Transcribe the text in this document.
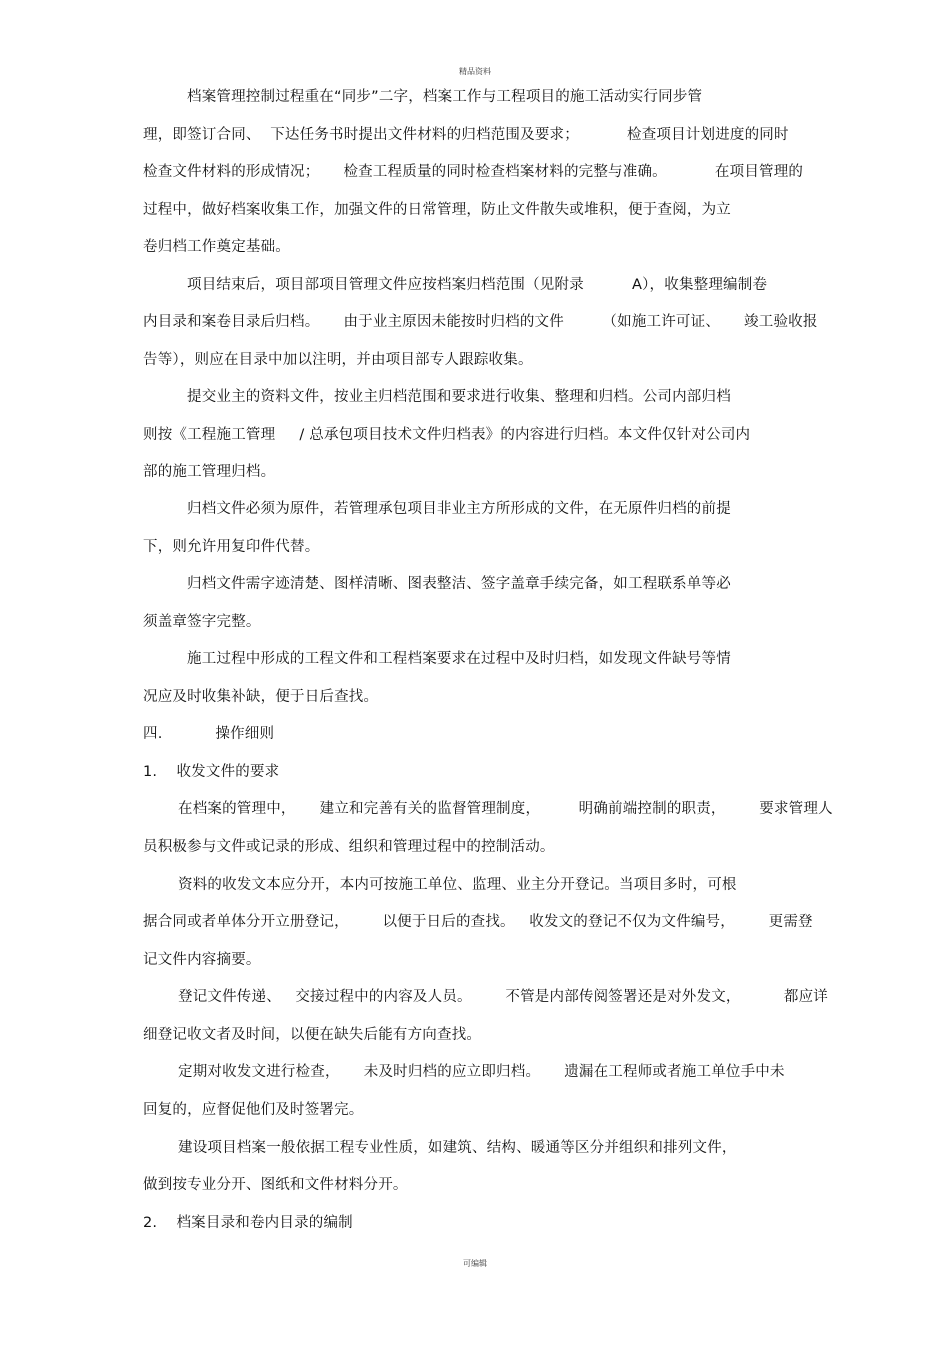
精品资料
档案管理控制过程重在“同步”二字，档案工作与工程项目的施工活动实行同步管
理，即签订合同、  下达任务书时提出文件材料的归档范围及要求；          检查项目计划进度的同时
检查文件材料的形成情况；     检查工程质量的同时检查档案材料的完整与准确。          在项目管理的
过程中，做好档案收集工作，加强文件的日常管理，防止文件散失或堆积，便于查阅，为立
卷归档工作奠定基础。
项目结束后，项目部项目管理文件应按档案归档范围（见附录          A），收集整理编制卷
内目录和案卷目录后归档。     由于业主原因未能按时归档的文件        （如施工许可证、     竣工验收报
告等），则应在目录中加以注明，并由项目部专人跟踪收集。
提交业主的资料文件，按业主归档范围和要求进行收集、整理和归档。公司内部归档
则按《工程施工管理     / 总承包项目技术文件归档表》的内容进行归档。本文件仅针对公司内
部的施工管理归档。
归档文件必须为原件，若管理承包项目非业主方所形成的文件，在无原件归档的前提
下，则允许用复印件代替。
归档文件需字迹清楚、图样清晰、图表整洁、签字盖章手续完备，如工程联系单等必
须盖章签字完整。
施工过程中形成的工程文件和工程档案要求在过程中及时归档，如发现文件缺号等情
况应及时收集补缺，便于日后查找。
四.           操作细则
1.    收发文件的要求
在档案的管理中，     建立和完善有关的监督管理制度，        明确前端控制的职责，       要求管理人
员积极参与文件或记录的形成、组织和管理过程中的控制活动。
资料的收发文本应分开，本内可按施工单位、监理、业主分开登记。当项目多时，可根
据合同或者单体分开立册登记，       以便于日后的查找。   收发文的登记不仅为文件编号，       更需登
记文件内容摘要。
登记文件传递、   交接过程中的内容及人员。       不管是内部传阅签署还是对外发文，         都应详
细登记收文者及时间，以便在缺失后能有方向查找。
定期对收发文进行检查，     未及时归档的应立即归档。     遗漏在工程师或者施工单位手中未
回复的，应督促他们及时签署完。
建设项目档案一般依据工程专业性质，如建筑、结构、暖通等区分并组织和排列文件，
做到按专业分开、图纸和文件材料分开。
2.    档案目录和卷内目录的编制
可编辑
